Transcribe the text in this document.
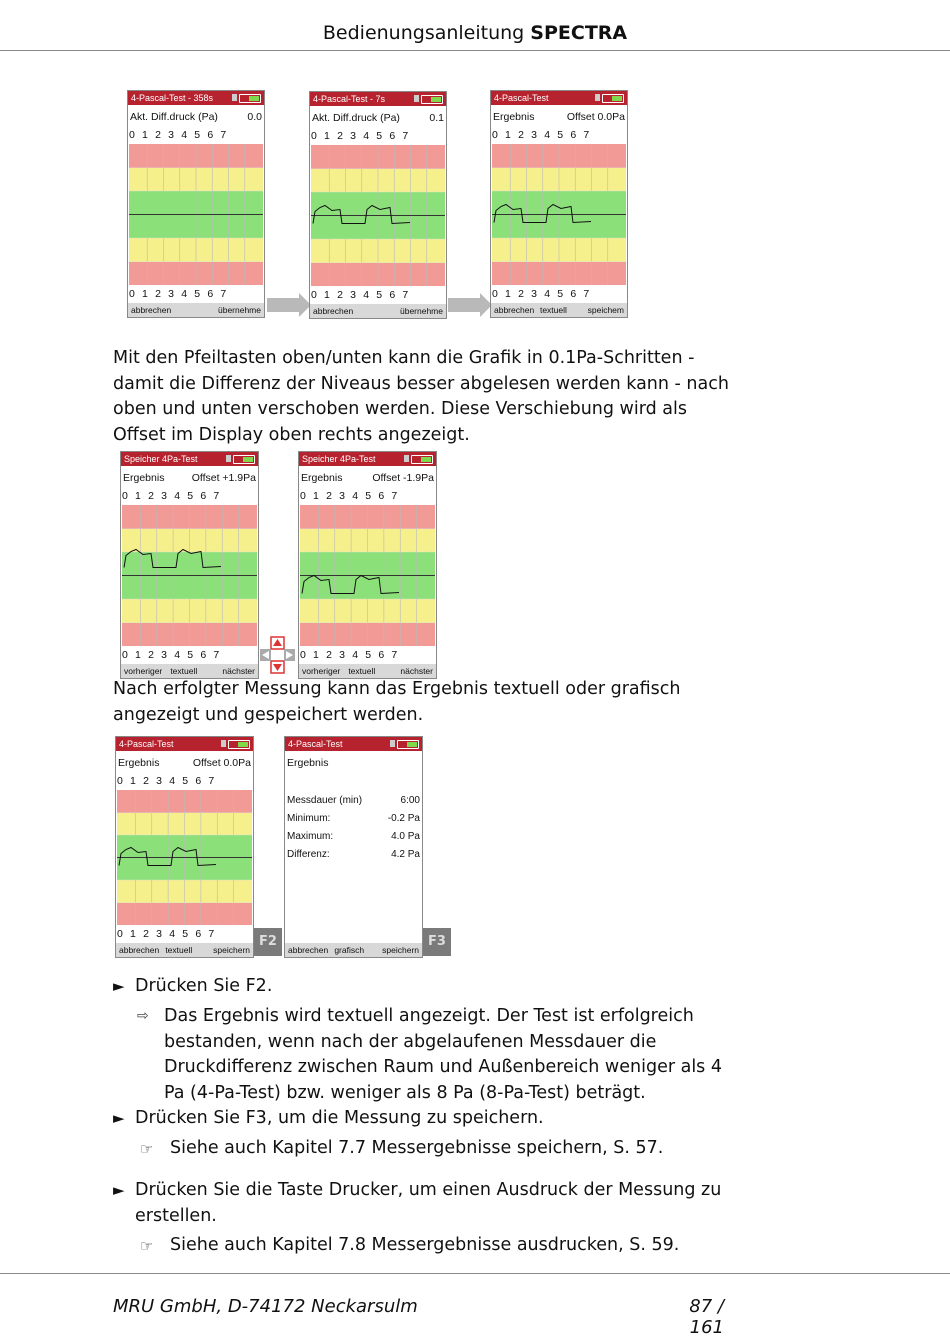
Bedienungsanleitung SPECTRA
4-Pascal-Test - 358s
Akt. Diff.druck (Pa)	0.0
0 1 2 3 4 5 6 7
0 1 2 3 4 5 6 7
abbrechen	übernehme
4-Pascal-Test - 7s
Akt. Diff.druck (Pa)	0.1
0 1 2 3 4 5 6 7
0 1 2 3 4 5 6 7
abbrechen	übernehme
4-Pascal-Test
Ergebnis	Offset 0.0Pa
0 1 2 3 4 5 6 7
0 1 2 3 4 5 6 7
abbrechen textuell speichem
Mit den Pfeiltasten oben/unten kann die Grafik in 0.1Pa-Schritten - damit die Differenz der Niveaus besser abgelesen werden kann - nach oben und unten verschoben werden. Diese Verschiebung wird als Offset im Display oben rechts angezeigt.
Speicher 4Pa-Test
Ergebnis	Offset +1.9Pa
0 1 2 3 4 5 6 7
0 1 2 3 4 5 6 7
vorheriger textuell	nächster
Speicher 4Pa-Test
Ergebnis	Offset -1.9Pa
0 1 2 3 4 5 6 7
0 1 2 3 4 5 6 7
vorheriger textuell	nächster
Nach erfolgter Messung kann das Ergebnis textuell oder grafisch angezeigt und gespeichert werden.
4-Pascal-Test
Ergebnis	Offset 0.0Pa
0 1 2 3 4 5 6 7
0 1 2 3 4 5 6 7
abbrechen textuell speichern
F2
4-Pascal-Test
Ergebnis
Messdauer (min)	6:00
Minimum:	-0.2 Pa
Maximum:	4.0 Pa
Differenz:	4.2 Pa
abbrechen grafisch speichern
F3
► Drücken Sie F2.
⇨ Das Ergebnis wird textuell angezeigt. Der Test ist erfolgreich bestanden, wenn nach der abgelaufenen Messdauer die Druckdifferenz zwischen Raum und Außenbereich weniger als 4 Pa (4-Pa-Test) bzw. weniger als 8 Pa (8-Pa-Test) beträgt.
► Drücken Sie F3, um die Messung zu speichern.
☞ Siehe auch Kapitel 7.7 Messergebnisse speichern, S. 57.
► Drücken Sie die Taste Drucker, um einen Ausdruck der Messung zu erstellen.
☞ Siehe auch Kapitel 7.8 Messergebnisse ausdrucken, S. 59.
MRU GmbH, D-74172 Neckarsulm	87 / 161
